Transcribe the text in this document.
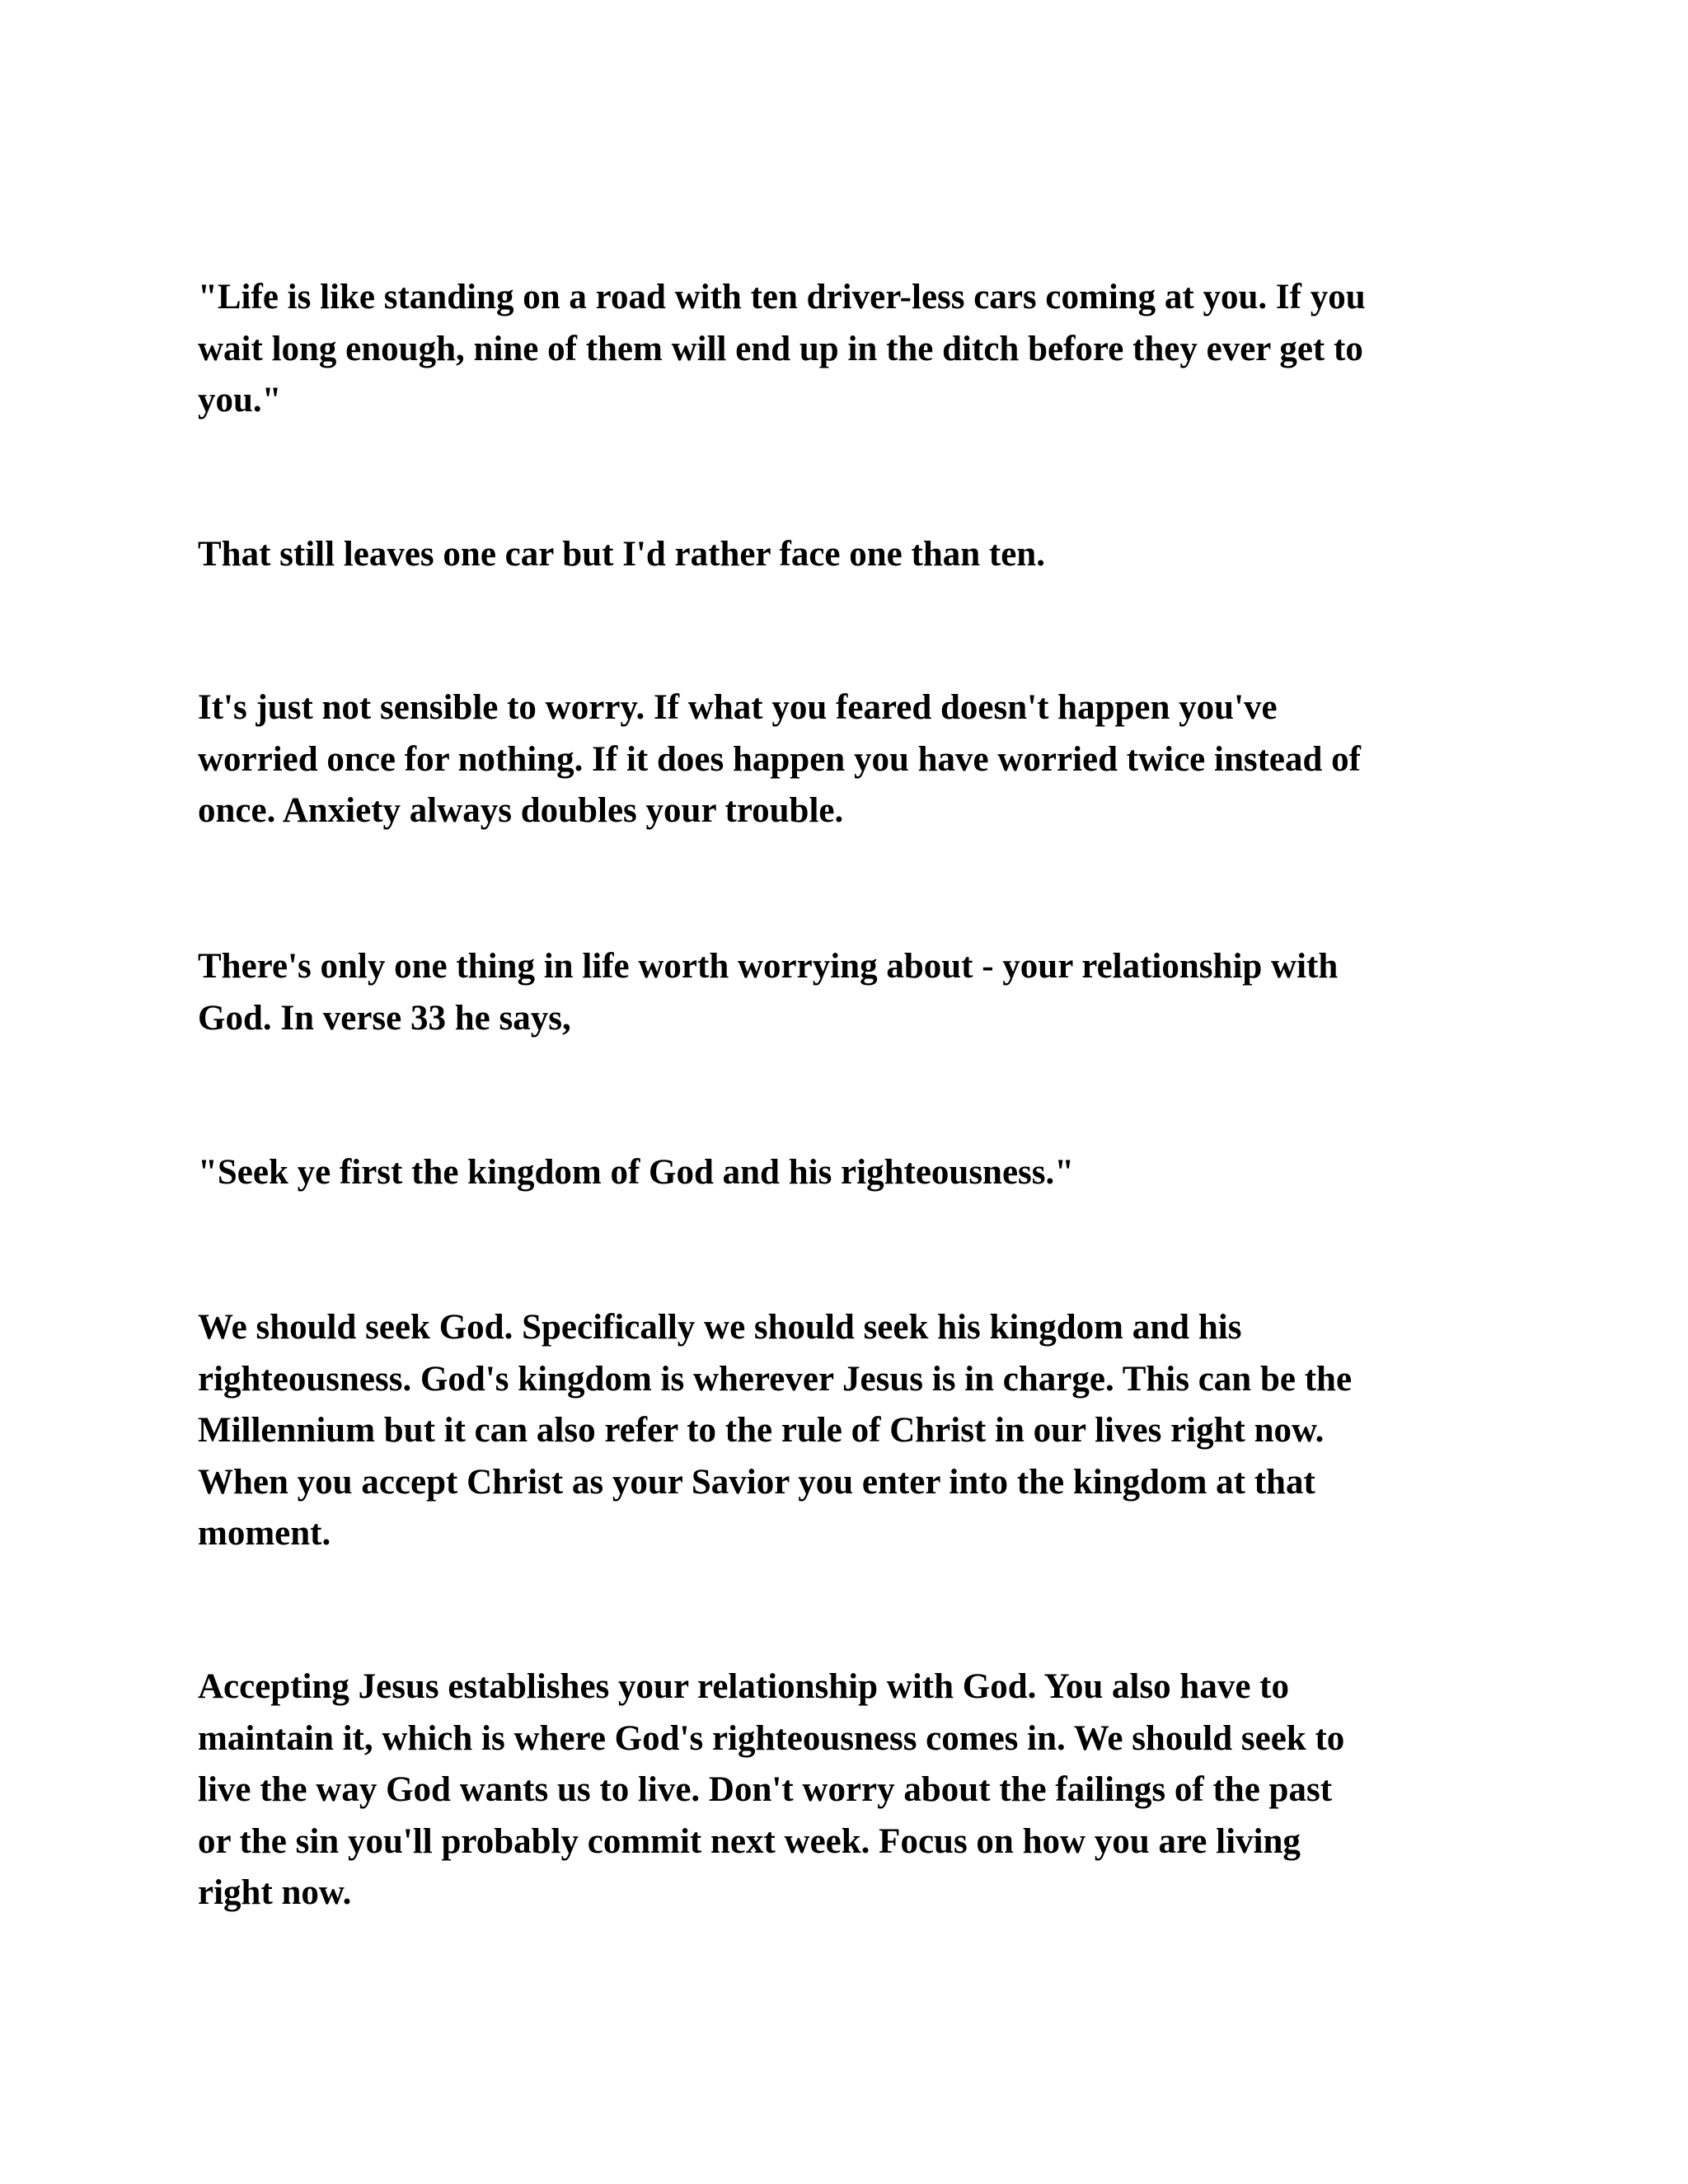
"Life is like standing on a road with ten driver-less cars coming at you. If you
wait long enough, nine of them will end up in the ditch before they ever get to
you."

That still leaves one car but I'd rather face one than ten.

It's just not sensible to worry. If what you feared doesn't happen you've
worried once for nothing. If it does happen you have worried twice instead of
once. Anxiety always doubles your trouble.

There's only one thing in life worth worrying about - your relationship with
God. In verse 33 he says,

"Seek ye first the kingdom of God and his righteousness."

We should seek God. Specifically we should seek his kingdom and his
righteousness. God's kingdom is wherever Jesus is in charge. This can be the
Millennium but it can also refer to the rule of Christ in our lives right now.
When you accept Christ as your Savior you enter into the kingdom at that
moment.

Accepting Jesus establishes your relationship with God. You also have to
maintain it, which is where God's righteousness comes in. We should seek to
live the way God wants us to live. Don't worry about the failings of the past
or the sin you'll probably commit next week. Focus on how you are living
right now.
